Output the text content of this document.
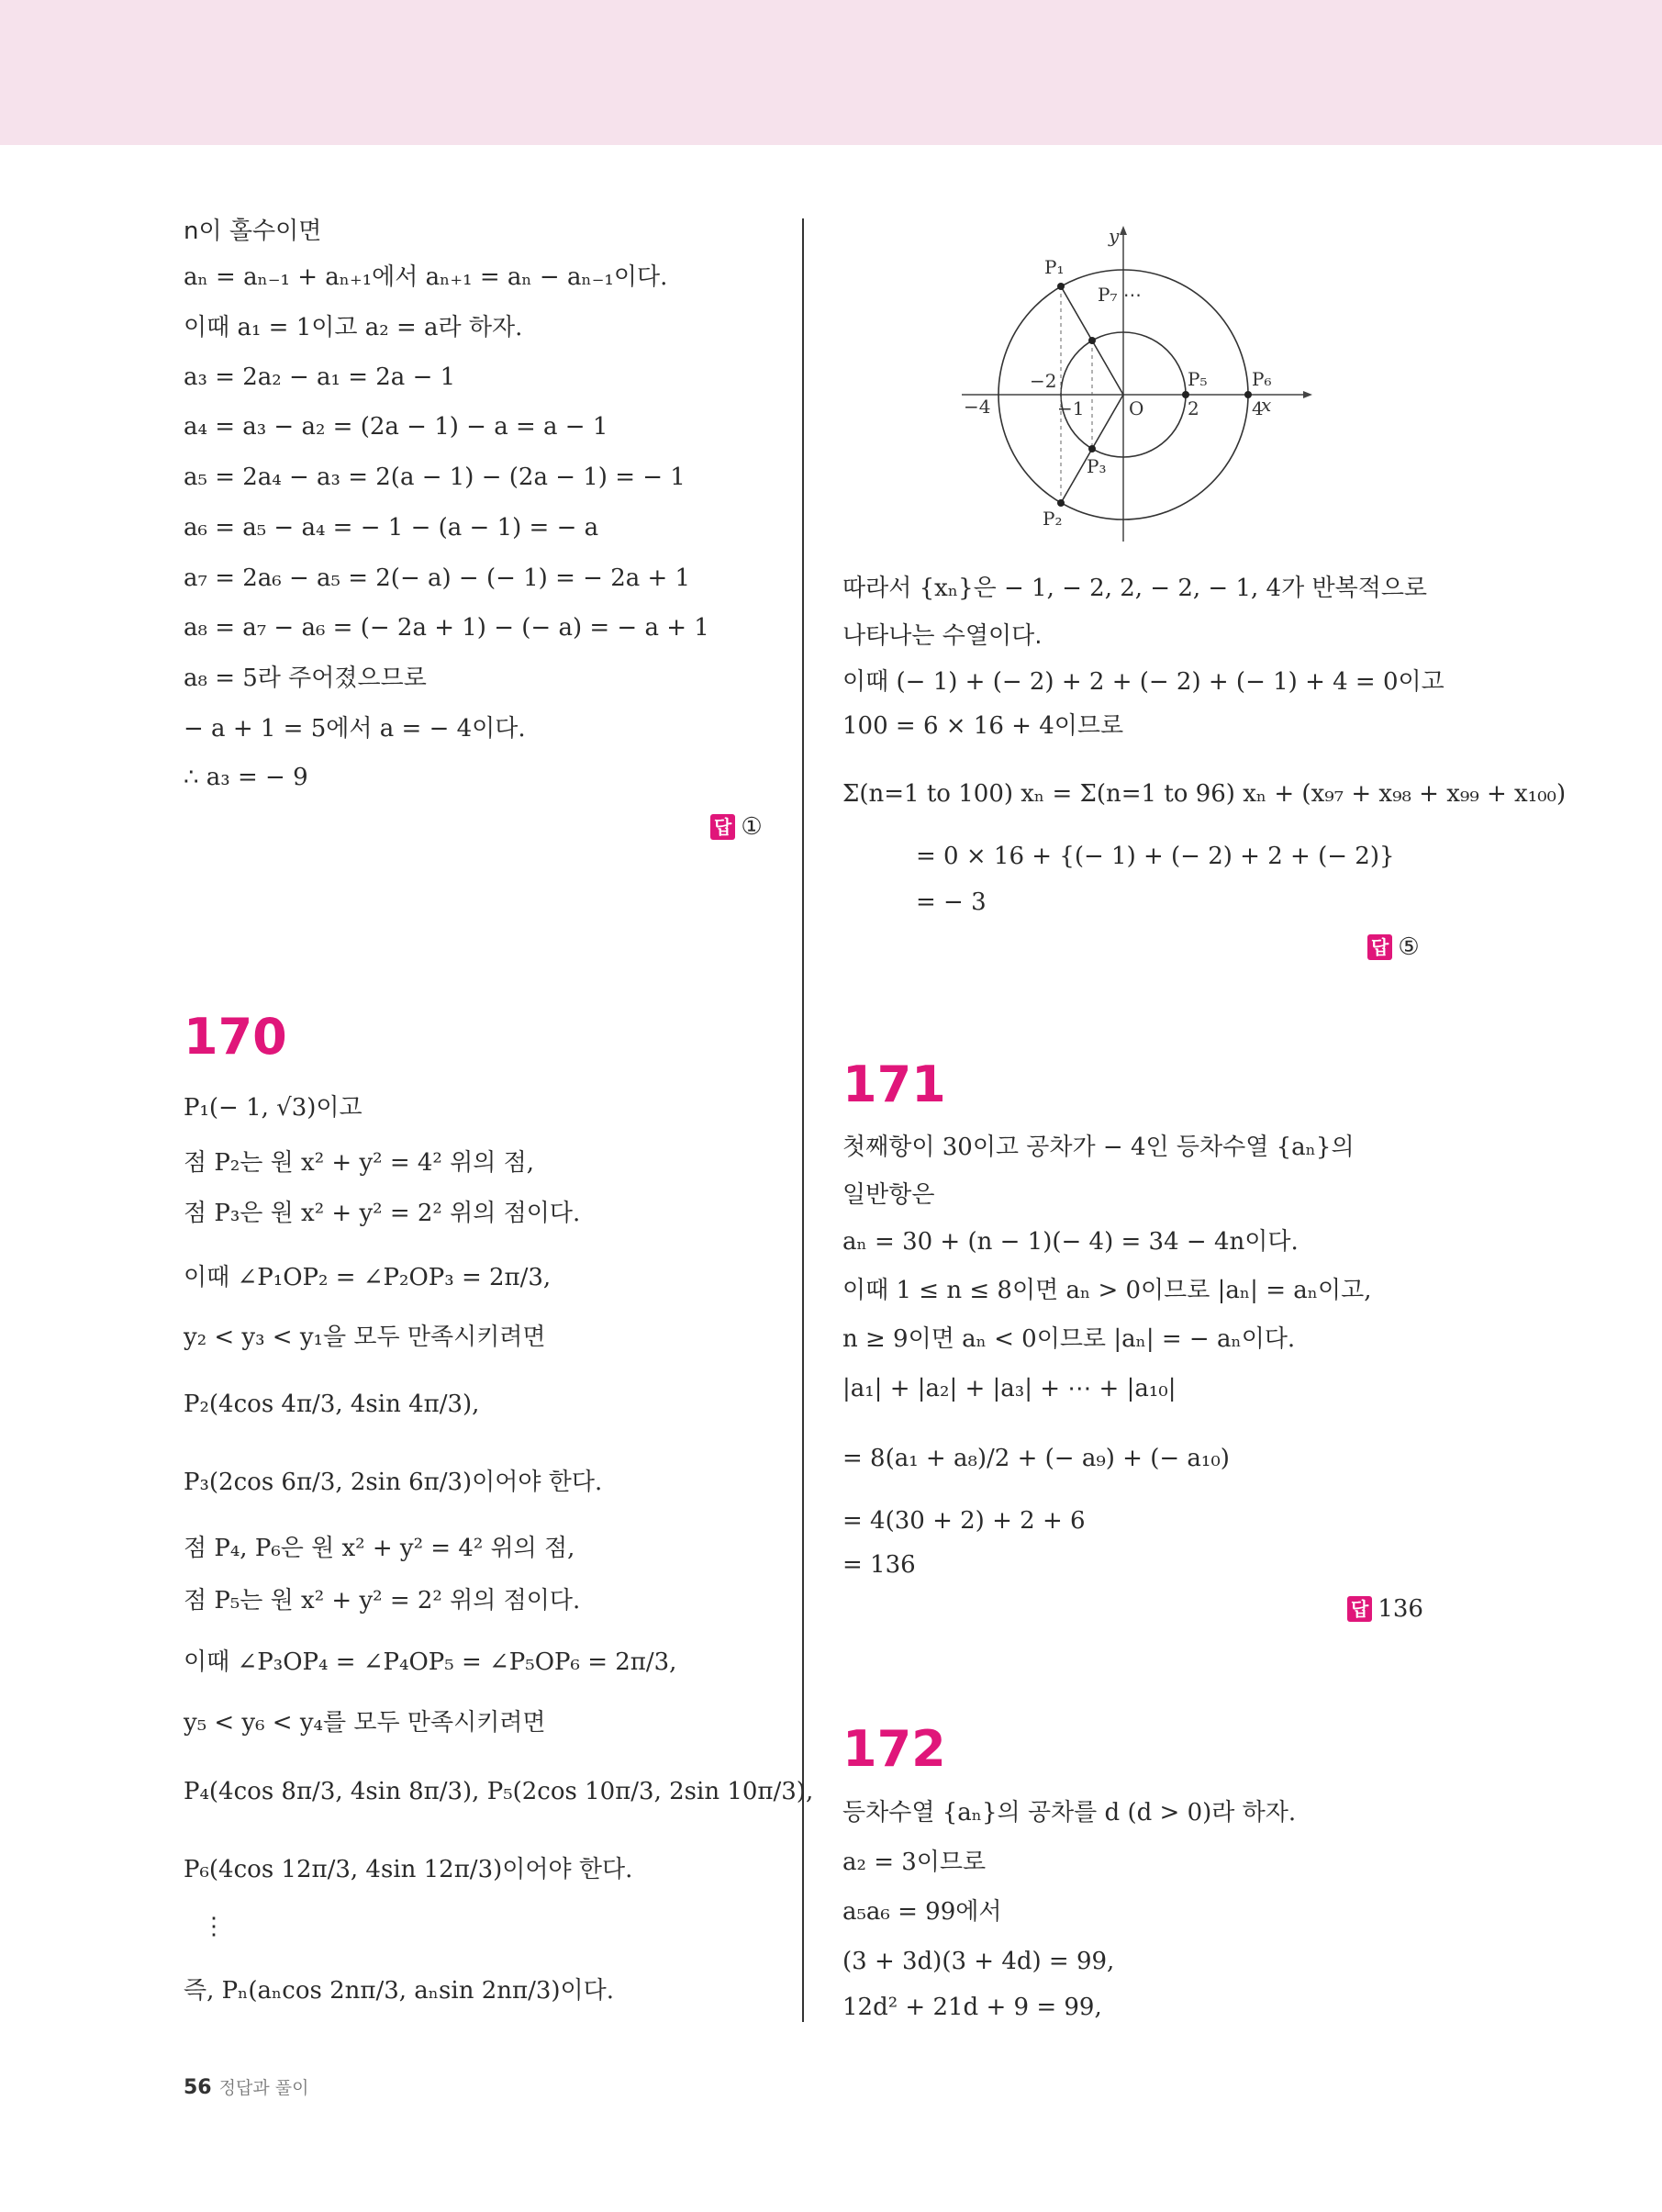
n이 홀수이면
aₙ = aₙ₋₁ + aₙ₊₁에서 aₙ₊₁ = aₙ − aₙ₋₁이다.
이때 a₁ = 1이고 a₂ = a라 하자.
a₃ = 2a₂ − a₁ = 2a − 1
a₄ = a₃ − a₂ = (2a − 1) − a = a − 1
a₅ = 2a₄ − a₃ = 2(a − 1) − (2a − 1) = − 1
a₆ = a₅ − a₄ = − 1 − (a − 1) = − a
a₇ = 2a₆ − a₅ = 2(− a) − (− 1) = − 2a + 1
a₈ = a₇ − a₆ = (− 2a + 1) − (− a) = − a + 1
a₈ = 5라 주어졌으므로
− a + 1 = 5에서 a = − 4이다.
∴ a₃ = − 9
답 ①
170
P₁(− 1, √3)이고
점 P₂는 원 x² + y² = 4² 위의 점,
점 P₃은 원 x² + y² = 2² 위의 점이다.
이때 ∠P₁OP₂ = ∠P₂OP₃ = 2π/3,
y₂ < y₃ < y₁을 모두 만족시키려면
P₂(4cos 4π/3, 4sin 4π/3),
P₃(2cos 6π/3, 2sin 6π/3)이어야 한다.
점 P₄, P₆은 원 x² + y² = 4² 위의 점,
점 P₅는 원 x² + y² = 2² 위의 점이다.
이때 ∠P₃OP₄ = ∠P₄OP₅ = ∠P₅OP₆ = 2π/3,
y₅ < y₆ < y₄를 모두 만족시키려면
P₄(4cos 8π/3, 4sin 8π/3), P₅(2cos 10π/3, 2sin 10π/3),
P₆(4cos 12π/3, 4sin 12π/3)이어야 한다.
⋮
즉, Pₙ(aₙcos 2nπ/3, aₙsin 2nπ/3)이다.
x
y
O
−4
−2
−1	2	4
P₁
P₂
P₃
P₅ P₆
P₇ ⋯
따라서 {xₙ}은 − 1, − 2, 2, − 2, − 1, 4가 반복적으로
나타나는 수열이다.
이때 (− 1) + (− 2) + 2 + (− 2) + (− 1) + 4 = 0이고
100 = 6 × 16 + 4이므로
Σ(n=1 to 100) xₙ = Σ(n=1 to 96) xₙ + (x₉₇ + x₉₈ + x₉₉ + x₁₀₀)
= 0 × 16 + {(− 1) + (− 2) + 2 + (− 2)}
= − 3
답 ⑤
171
첫째항이 30이고 공차가 − 4인 등차수열 {aₙ}의
일반항은
aₙ = 30 + (n − 1)(− 4) = 34 − 4n이다.
이때 1 ≤ n ≤ 8이면 aₙ > 0이므로 |aₙ| = aₙ이고,
n ≥ 9이면 aₙ < 0이므로 |aₙ| = − aₙ이다.
|a₁| + |a₂| + |a₃| + ⋯ + |a₁₀|
= 8(a₁ + a₈)/2 + (− a₉) + (− a₁₀)
= 4(30 + 2) + 2 + 6
= 136
답 136
172
등차수열 {aₙ}의 공차를 d (d > 0)라 하자.
a₂ = 3이므로
a₅a₆ = 99에서
(3 + 3d)(3 + 4d) = 99,
12d² + 21d + 9 = 99,
56 정답과 풀이
